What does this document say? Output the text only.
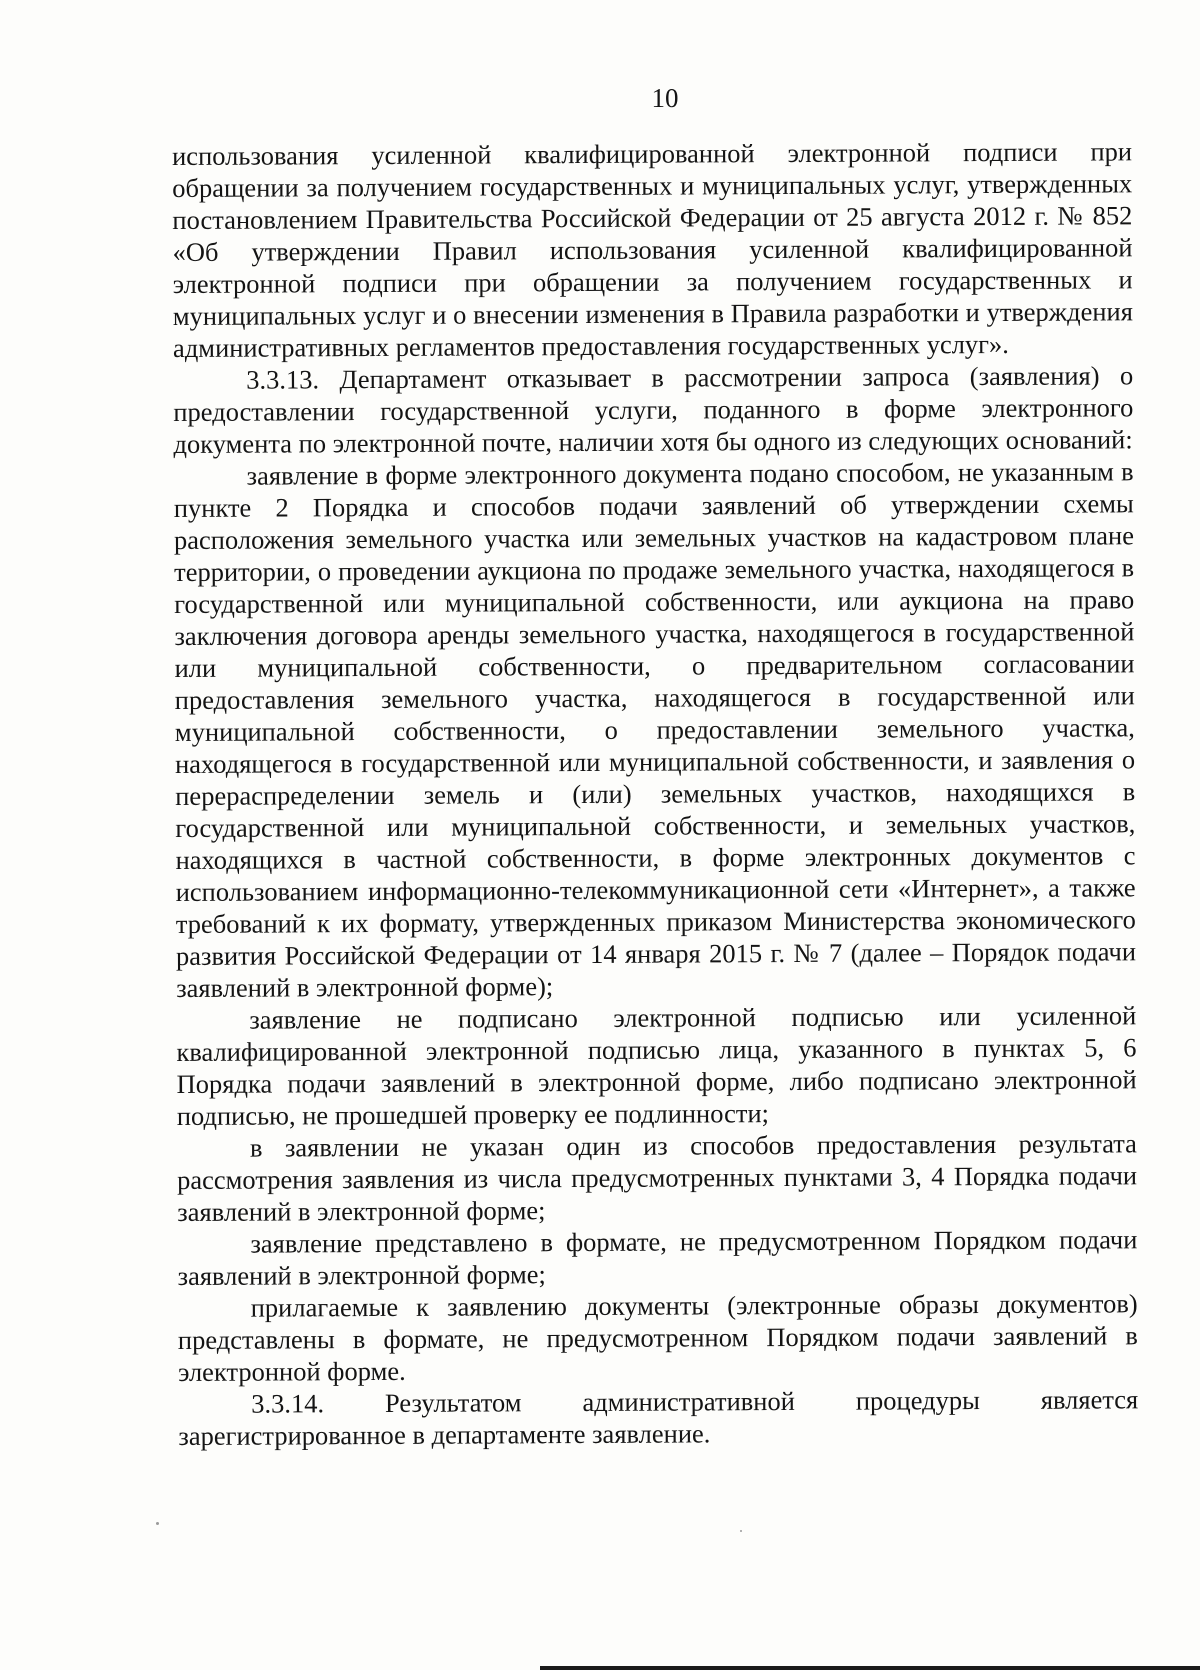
10

использования усиленной квалифицированной электронной подписи при обращении за получением государственных и муниципальных услуг, утвержденных постановлением Правительства Российской Федерации от 25 августа 2012 г. № 852 «Об утверждении Правил использования усиленной квалифицированной электронной подписи при обращении за получением государственных и муниципальных услуг и о внесении изменения в Правила разработки и утверждения административных регламентов предоставления государственных услуг».

3.3.13. Департамент отказывает в рассмотрении запроса (заявления) о предоставлении государственной услуги, поданного в форме электронного документа по электронной почте, наличии хотя бы одного из следующих оснований:

заявление в форме электронного документа подано способом, не указанным в пункте 2 Порядка и способов подачи заявлений об утверждении схемы расположения земельного участка или земельных участков на кадастровом плане территории, о проведении аукциона по продаже земельного участка, находящегося в государственной или муниципальной собственности, или аукциона на право заключения договора аренды земельного участка, находящегося в государственной или муниципальной собственности, о предварительном согласовании предоставления земельного участка, находящегося в государственной или муниципальной собственности, о предоставлении земельного участка, находящегося в государственной или муниципальной собственности, и заявления о перераспределении земель и (или) земельных участков, находящихся в государственной или муниципальной собственности, и земельных участков, находящихся в частной собственности, в форме электронных документов с использованием информационно-телекоммуникационной сети «Интернет», а также требований к их формату, утвержденных приказом Министерства экономического развития Российской Федерации от 14 января 2015 г. № 7 (далее – Порядок подачи заявлений в электронной форме);

заявление не подписано электронной подписью или усиленной квалифицированной электронной подписью лица, указанного в пунктах 5, 6 Порядка подачи заявлений в электронной форме, либо подписано электронной подписью, не прошедшей проверку ее подлинности;

в заявлении не указан один из способов предоставления результата рассмотрения заявления из числа предусмотренных пунктами 3, 4 Порядка подачи заявлений в электронной форме;

заявление представлено в формате, не предусмотренном Порядком подачи заявлений в электронной форме;

прилагаемые к заявлению документы (электронные образы документов) представлены в формате, не предусмотренном Порядком подачи заявлений в электронной форме.

3.3.14. Результатом административной процедуры является зарегистрированное в департаменте заявление.
